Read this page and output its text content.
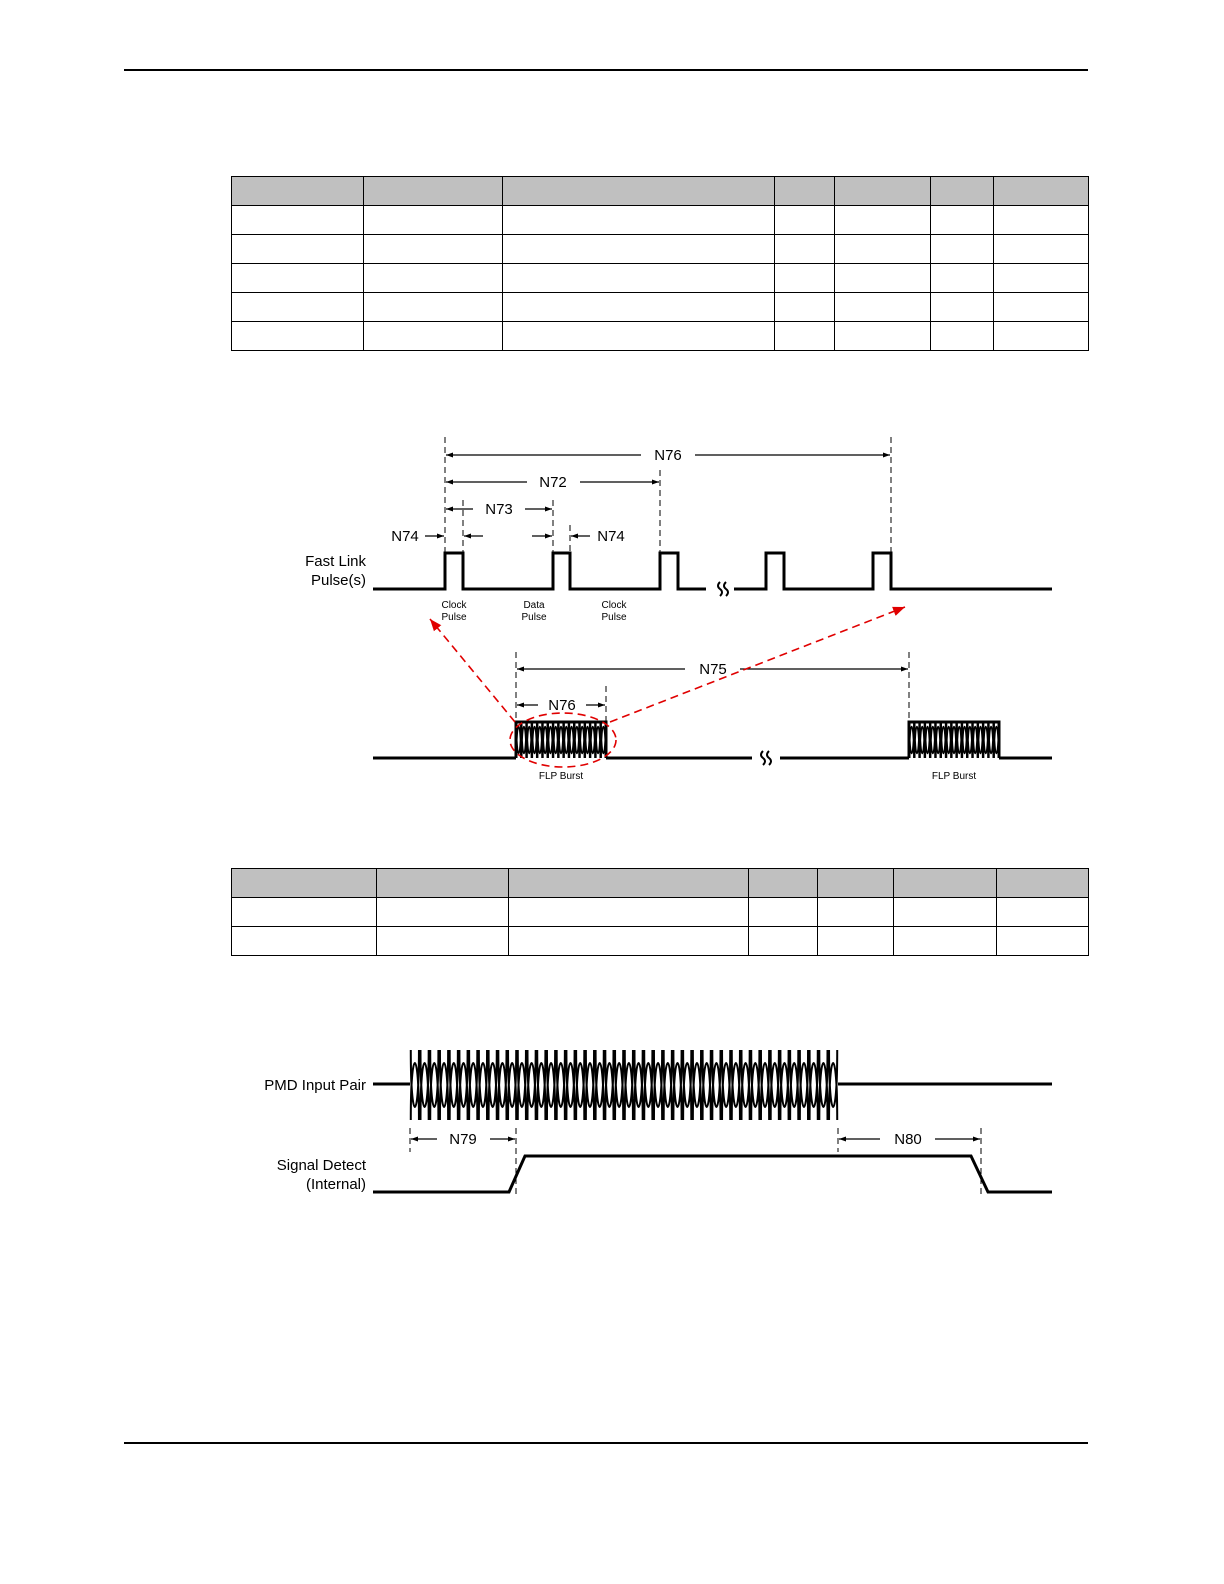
N76
N72
N73
N74	N74
N75
N76
Fast Link
Pulse(s)
Clock
Pulse
Data
Pulse
Clock
Pulse
FLP Burst	FLP Burst
N79	N80
PMD Input Pair
Signal Detect
(Internal)
